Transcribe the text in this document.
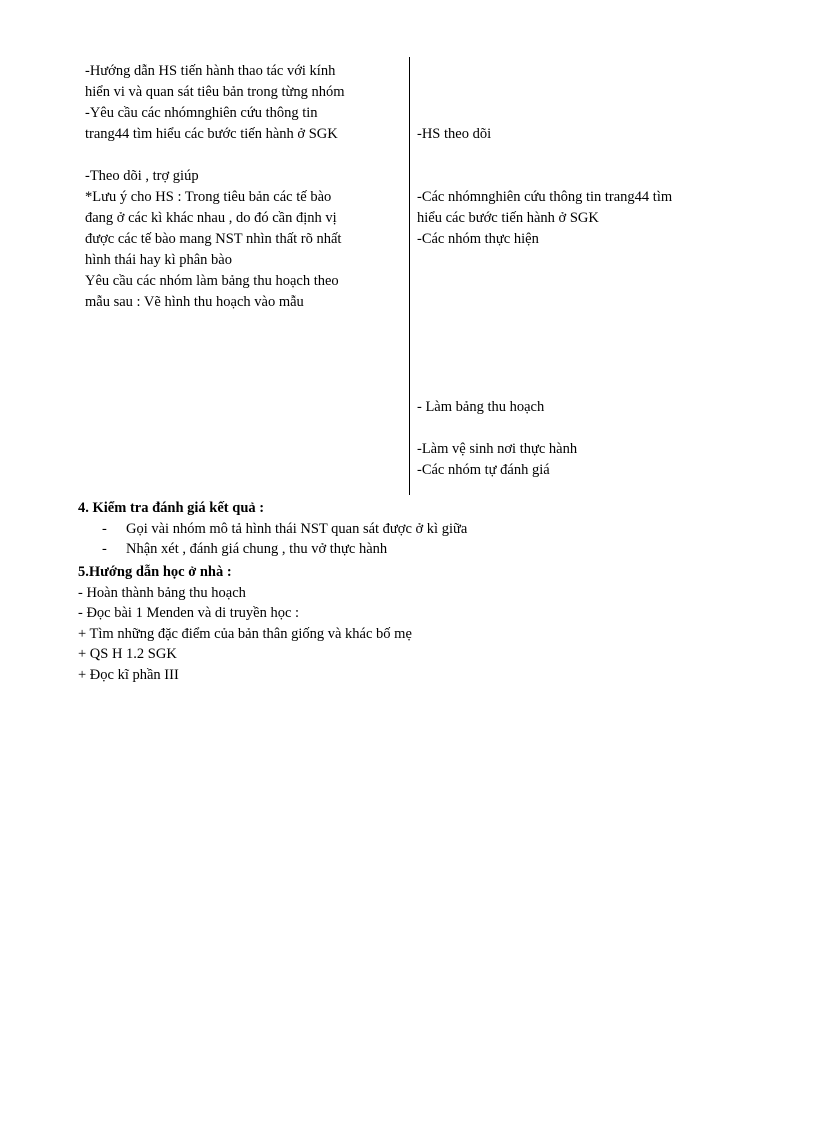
-Hướng dẫn HS tiến hành thao tác với kính
hiển vi và quan sát tiêu bản trong từng nhóm
-Yêu cầu các nhómnghiên cứu thông tin
trang44 tìm hiểu các bước tiến hành ở SGK
-Theo dõi , trợ giúp
*Lưu ý cho HS : Trong tiêu bản các tế bào
đang ở các kì khác nhau , do đó cần định vị
được các tế bào mang NST nhìn thất rõ nhất
hình thái hay kì phân bào
Yêu cầu các nhóm làm bảng thu hoạch theo
mẫu sau : Vẽ hình thu hoạch vào mẫu
-HS theo dõi
-Các nhómnghiên cứu thông tin trang44 tìm
hiểu các bước tiến hành ở SGK
-Các nhóm thực hiện
- Làm bảng thu hoạch
-Làm vệ sinh nơi thực hành
-Các nhóm tự đánh giá
4. Kiểm tra đánh giá kết quả :
- Gọi vài nhóm mô tả hình thái NST quan sát được ở kì giữa
- Nhận xét , đánh giá chung , thu vở thực hành
5.Hướng dẫn học ở nhà :
- Hoàn thành bảng thu hoạch
- Đọc bài 1 Menden và di truyền học :
+ Tìm những đặc điểm của bản thân giống và khác bố mẹ
+ QS H 1.2 SGK
+ Đọc kĩ phần III
